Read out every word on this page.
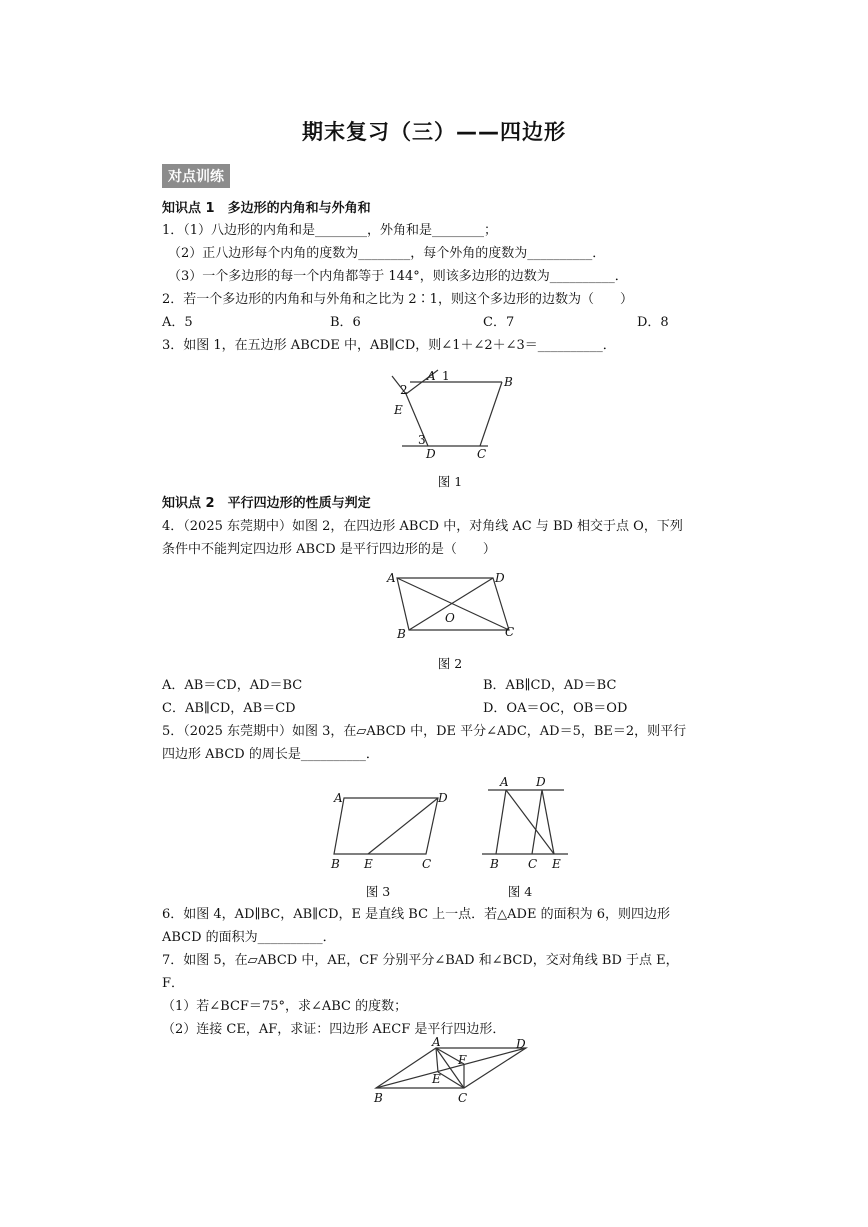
期末复习（三）——四边形
对点训练
知识点 1　多边形的内角和与外角和
1．（1）八边形的内角和是________，外角和是________；
（2）正八边形每个内角的度数为________，每个外角的度数为__________．
（3）一个多边形的每一个内角都等于 144°，则该多边形的边数为__________．
2．若一个多边形的内角和与外角和之比为 2∶1，则这个多边形的边数为（　　）
A．5	B．6	C．7	D．8
3．如图 1，在五边形 ABCDE 中，AB∥CD，则∠1＋∠2＋∠3＝__________．
A	B
C
D
E
1
2
3
图 1
知识点 2　平行四边形的性质与判定
4．（2025 东莞期中）如图 2，在四边形 ABCD 中，对角线 AC 与 BD 相交于点 O，下列
条件中不能判定四边形 ABCD 是平行四边形的是（　　）
A	D
O
B	C
图 2
A．AB＝CD，AD＝BC	B．AB∥CD，AD＝BC
C．AB∥CD，AB＝CD	D．OA＝OC，OB＝OD
5．（2025 东莞期中）如图 3，在▱ABCD 中，DE 平分∠ADC，AD＝5，BE＝2，则平行
四边形 ABCD 的周长是__________．
A	D
B E	C
图 3
A D
B C E
图 4
6．如图 4，AD∥BC，AB∥CD，E 是直线 BC 上一点．若△ADE 的面积为 6，则四边形
ABCD 的面积为__________．
7．如图 5，在▱ABCD 中，AE，CF 分别平分∠BAD 和∠BCD，交对角线 BD 于点 E，
F．
（1）若∠BCF＝75°，求∠ABC 的度数；
（2）连接 CE，AF，求证：四边形 AECF 是平行四边形．
A	D
F
E
B	C
